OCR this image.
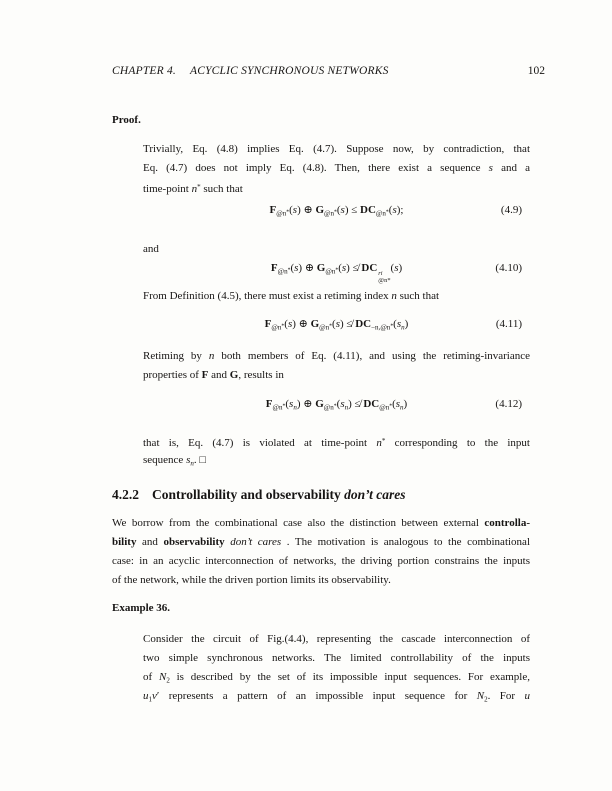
CHAPTER 4. ACYCLIC SYNCHRONOUS NETWORKS	102
Proof.
Trivially, Eq. (4.8) implies Eq. (4.7). Suppose now, by contradiction, that
Eq. (4.7) does not imply Eq. (4.8). Then, there exist a sequence s and a
time-point n* such that
$F_{@n}*(s)$ ⊕ $G_{@n}*(s) \le DC_{@n}*(s)$;	(4.9)
and
$F_{@n}*(s)$ ⊕ $G_{@n}*(s)$ ≰ DC ri
@n*
(s)	(4.10)
From Definition (4.5), there must exist a retiming index n such that
$F_{@n}*(s)$ ⊕ $G_{@n}*(s)$ ≰ $DC_{-n,@n}*(s_n)$	(4.11)
Retiming by n both members of Eq. (4.11), and using the retiming-invariance
properties of F and G, results in
$F_{@n}*(s_n)$ ⊕ $G_{@n}*(s_n)$ ≰ $DC_{@n}*(s_n)$	(4.12)
that is, Eq. (4.7) is violated at time-point n* corresponding to the input
sequence $s_n$. □
4.2.2 Controllability and observability don’t cares
We borrow from the combinational case also the distinction between external controlla-
bility and observability don’t cares . The motivation is analogous to the combinational
case: in an acyclic interconnection of networks, the driving portion constrains the inputs
of the network, while the driven portion limits its observability.
Example 36.
Consider the circuit of Fig.(4.4), representing the cascade interconnection of
two simple synchronous networks. The limited controllability of the inputs
of $N_2$ is described by the set of its impossible input sequences. For example,
$u_1v'$ represents a pattern of an impossible input sequence for $N_2$. For u
